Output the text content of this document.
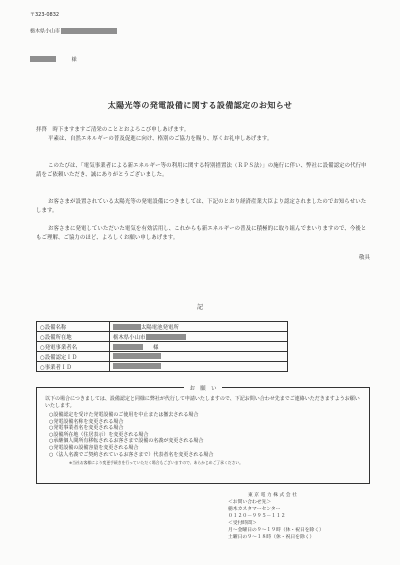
〒323-0832
栃木県小山市
様
太陽光等の発電設備に関する設備認定のお知らせ
拝啓　時下ますますご清栄のこととおよろこび申しあげます。
平素は、自然エネルギーの普及促進に向け、格別のご協力を賜り、厚くお礼申しあげます。
このたびは、「電気事業者による新エネルギー等の利用に関する特別措置法（ＲＰＳ法）」の施行に伴い、弊社に設備認定の代行申請をご依頼いただき、誠にありがとうございました。
お客さまが設置されている太陽光等の発電設備につきましては、下記のとおり経済産業大臣より認定されましたのでお知らせいたします。
お客さまに発電していただいた電気を有効活用し、これからも新エネルギーの普及に積極的に取り組んでまいりますので、今後ともご理解、ご協力のほど、よろしくお願い申しあげます。
敬具
記
○設備名称	太陽電池発電所
○設備所在地	栃木県小山市
○発電事業者名	様
○設備認定ＩＤ	
○事業者ＩＤ	
お　願　い
以下の場合につきましては、設備認定と同様に弊社が代行して申請いたしますので、下記お問い合わせ先までご連絡いただきますようお願いいたします。
○設備認定を受けた発電設備のご使用を中止または撤去される場合
○発電設備名称を変更される場合
○発電事業者名を変更される場合
○設備所在地（住居表示）を変更される場合
○承継個人間所有移転されるお客さまで設備の名義が変更される場合
○発電設備の設備容量を変更される場合
○（法人名義でご契約されているお客さまで）代表者名を変更される場合
※当社お客様により変更手続きを行っていただく場合もございますので、あらかじめご了承ください。
東京電力株式会社
＜お問い合わせ先＞
栃木カスタマーセンター
０１２０－９９５－１１２
＜受付時間＞
月～金曜日の９～１９時（休・祝日を除く）
土曜日の９～１８時（休・祝日を除く）
